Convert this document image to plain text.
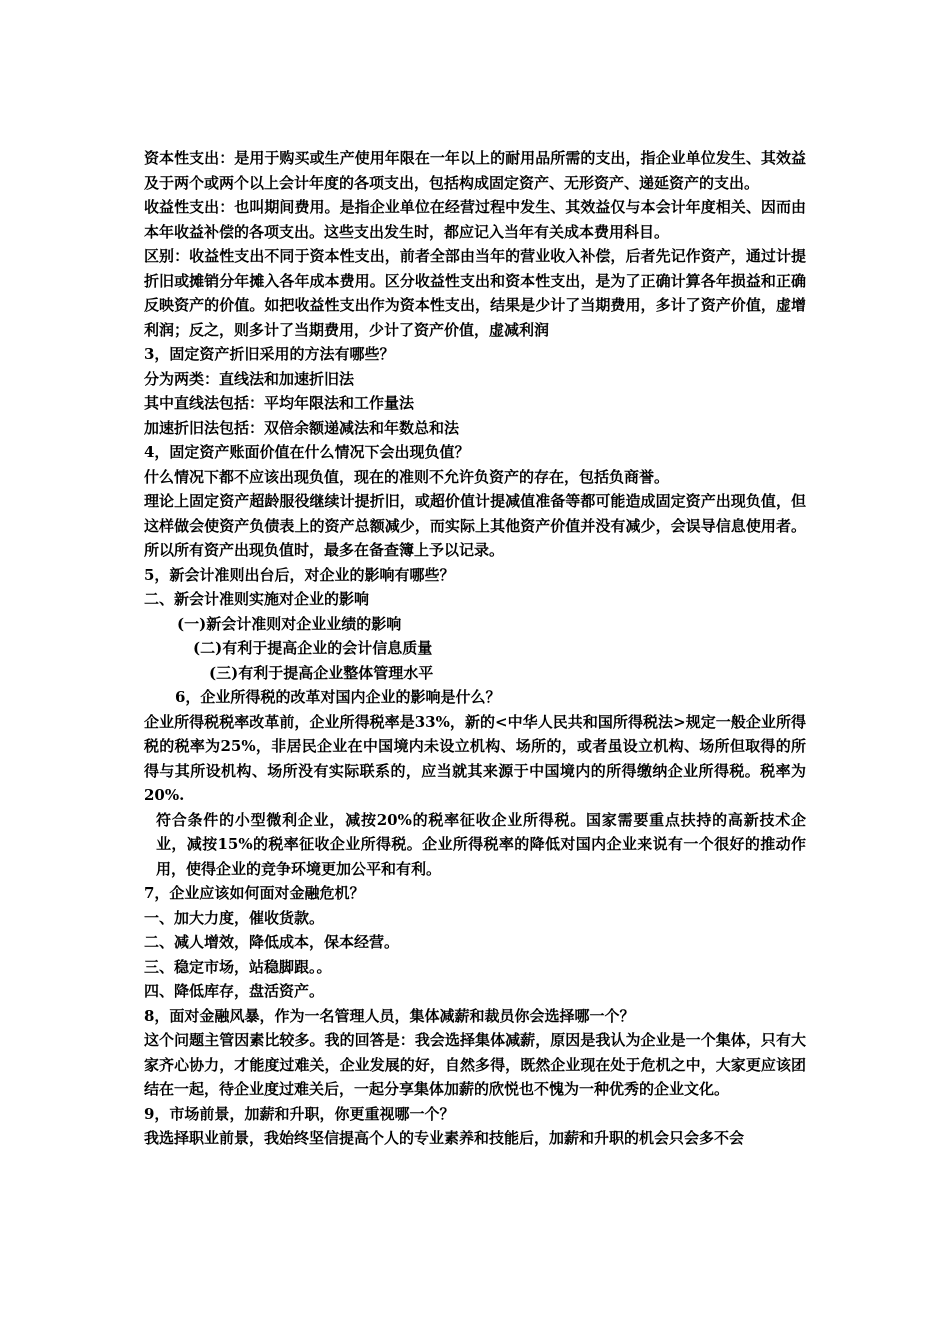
资本性支出：是用于购买或生产使用年限在一年以上的耐用品所需的支出，指企业单位发生、其效益及于两个或两个以上会计年度的各项支出，包括构成固定资产、无形资产、递延资产的支出。

收益性支出：也叫期间费用。是指企业单位在经营过程中发生、其效益仅与本会计年度相关、因而由本年收益补偿的各项支出。这些支出发生时，都应记入当年有关成本费用科目。

区别：收益性支出不同于资本性支出，前者全部由当年的营业收入补偿，后者先记作资产，通过计提折旧或摊销分年摊入各年成本费用。区分收益性支出和资本性支出，是为了正确计算各年损益和正确反映资产的价值。如把收益性支出作为资本性支出，结果是少计了当期费用，多计了资产价值，虚增利润；反之，则多计了当期费用，少计了资产价值，虚减利润

3，固定资产折旧采用的方法有哪些？

分为两类：直线法和加速折旧法

其中直线法包括：平均年限法和工作量法

加速折旧法包括：双倍余额递减法和年数总和法

4，固定资产账面价值在什么情况下会出现负值？

什么情况下都不应该出现负值，现在的准则不允许负资产的存在，包括负商誉。

理论上固定资产超龄服役继续计提折旧，或超价值计提减值准备等都可能造成固定资产出现负值，但这样做会使资产负债表上的资产总额减少，而实际上其他资产价值并没有减少，会误导信息使用者。所以所有资产出现负值时，最多在备查簿上予以记录。

5，新会计准则出台后，对企业的影响有哪些？

二、新会计准则实施对企业的影响

(一)新会计准则对企业业绩的影响

(二)有利于提高企业的会计信息质量

(三)有利于提高企业整体管理水平

6，企业所得税的改革对国内企业的影响是什么？

企业所得税税率改革前，企业所得税率是33%，新的<中华人民共和国所得税法>规定一般企业所得税的税率为25%，非居民企业在中国境内未设立机构、场所的，或者虽设立机构、场所但取得的所得与其所设机构、场所没有实际联系的，应当就其来源于中国境内的所得缴纳企业所得税。税率为20%.

符合条件的小型微利企业，减按20%的税率征收企业所得税。国家需要重点扶持的高新技术企业，减按15%的税率征收企业所得税。企业所得税率的降低对国内企业来说有一个很好的推动作用，使得企业的竞争环境更加公平和有利。

7，企业应该如何面对金融危机？

一、加大力度，催收货款。

二、减人增效，降低成本，保本经营。

三、稳定市场，站稳脚跟。。

四、降低库存，盘活资产。

8，面对金融风暴，作为一名管理人员，集体减薪和裁员你会选择哪一个？

这个问题主管因素比较多。我的回答是：我会选择集体减薪，原因是我认为企业是一个集体，只有大家齐心协力，才能度过难关，企业发展的好，自然多得，既然企业现在处于危机之中，大家更应该团结在一起，待企业度过难关后，一起分享集体加薪的欣悦也不愧为一种优秀的企业文化。

9，市场前景，加薪和升职，你更重视哪一个？

我选择职业前景，我始终坚信提高个人的专业素养和技能后，加薪和升职的机会只会多不会
